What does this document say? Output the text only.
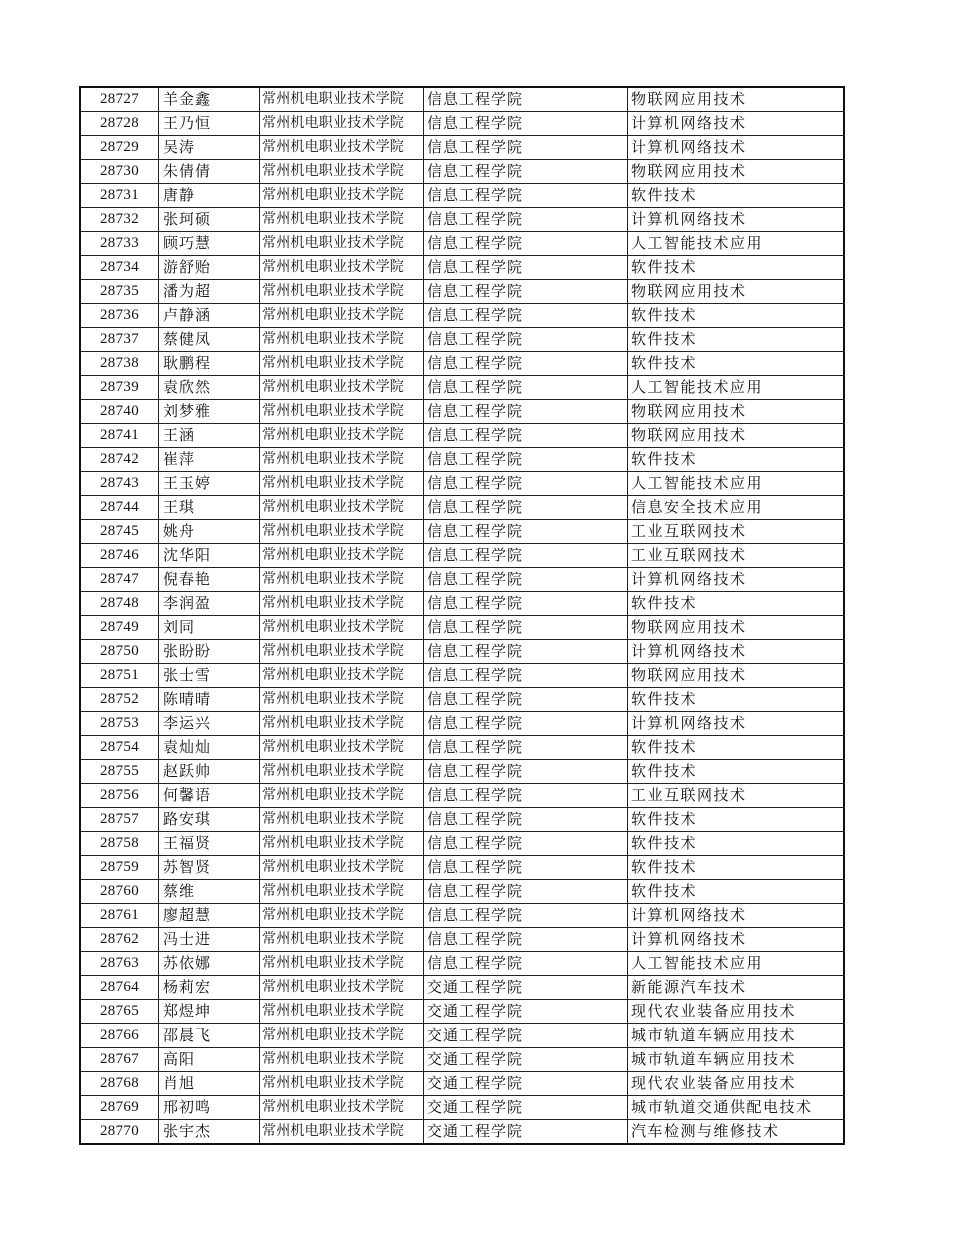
28727	羊金鑫	常州机电职业技术学院	信息工程学院	物联网应用技术
28728	王乃恒	常州机电职业技术学院	信息工程学院	计算机网络技术
28729	吴涛	常州机电职业技术学院	信息工程学院	计算机网络技术
28730	朱倩倩	常州机电职业技术学院	信息工程学院	物联网应用技术
28731	唐静	常州机电职业技术学院	信息工程学院	软件技术
28732	张珂硕	常州机电职业技术学院	信息工程学院	计算机网络技术
28733	顾巧慧	常州机电职业技术学院	信息工程学院	人工智能技术应用
28734	游舒贻	常州机电职业技术学院	信息工程学院	软件技术
28735	潘为超	常州机电职业技术学院	信息工程学院	物联网应用技术
28736	卢静涵	常州机电职业技术学院	信息工程学院	软件技术
28737	蔡健凤	常州机电职业技术学院	信息工程学院	软件技术
28738	耿鹏程	常州机电职业技术学院	信息工程学院	软件技术
28739	袁欣然	常州机电职业技术学院	信息工程学院	人工智能技术应用
28740	刘梦雅	常州机电职业技术学院	信息工程学院	物联网应用技术
28741	王涵	常州机电职业技术学院	信息工程学院	物联网应用技术
28742	崔萍	常州机电职业技术学院	信息工程学院	软件技术
28743	王玉婷	常州机电职业技术学院	信息工程学院	人工智能技术应用
28744	王琪	常州机电职业技术学院	信息工程学院	信息安全技术应用
28745	姚舟	常州机电职业技术学院	信息工程学院	工业互联网技术
28746	沈华阳	常州机电职业技术学院	信息工程学院	工业互联网技术
28747	倪春艳	常州机电职业技术学院	信息工程学院	计算机网络技术
28748	李润盈	常州机电职业技术学院	信息工程学院	软件技术
28749	刘同	常州机电职业技术学院	信息工程学院	物联网应用技术
28750	张盼盼	常州机电职业技术学院	信息工程学院	计算机网络技术
28751	张士雪	常州机电职业技术学院	信息工程学院	物联网应用技术
28752	陈晴晴	常州机电职业技术学院	信息工程学院	软件技术
28753	李运兴	常州机电职业技术学院	信息工程学院	计算机网络技术
28754	袁灿灿	常州机电职业技术学院	信息工程学院	软件技术
28755	赵跃帅	常州机电职业技术学院	信息工程学院	软件技术
28756	何馨语	常州机电职业技术学院	信息工程学院	工业互联网技术
28757	路安琪	常州机电职业技术学院	信息工程学院	软件技术
28758	王福贤	常州机电职业技术学院	信息工程学院	软件技术
28759	苏智贤	常州机电职业技术学院	信息工程学院	软件技术
28760	蔡维	常州机电职业技术学院	信息工程学院	软件技术
28761	廖超慧	常州机电职业技术学院	信息工程学院	计算机网络技术
28762	冯士进	常州机电职业技术学院	信息工程学院	计算机网络技术
28763	苏依娜	常州机电职业技术学院	信息工程学院	人工智能技术应用
28764	杨莉宏	常州机电职业技术学院	交通工程学院	新能源汽车技术
28765	郑煜坤	常州机电职业技术学院	交通工程学院	现代农业装备应用技术
28766	邵晨飞	常州机电职业技术学院	交通工程学院	城市轨道车辆应用技术
28767	高阳	常州机电职业技术学院	交通工程学院	城市轨道车辆应用技术
28768	肖旭	常州机电职业技术学院	交通工程学院	现代农业装备应用技术
28769	邢初鸣	常州机电职业技术学院	交通工程学院	城市轨道交通供配电技术
28770	张宇杰	常州机电职业技术学院	交通工程学院	汽车检测与维修技术
